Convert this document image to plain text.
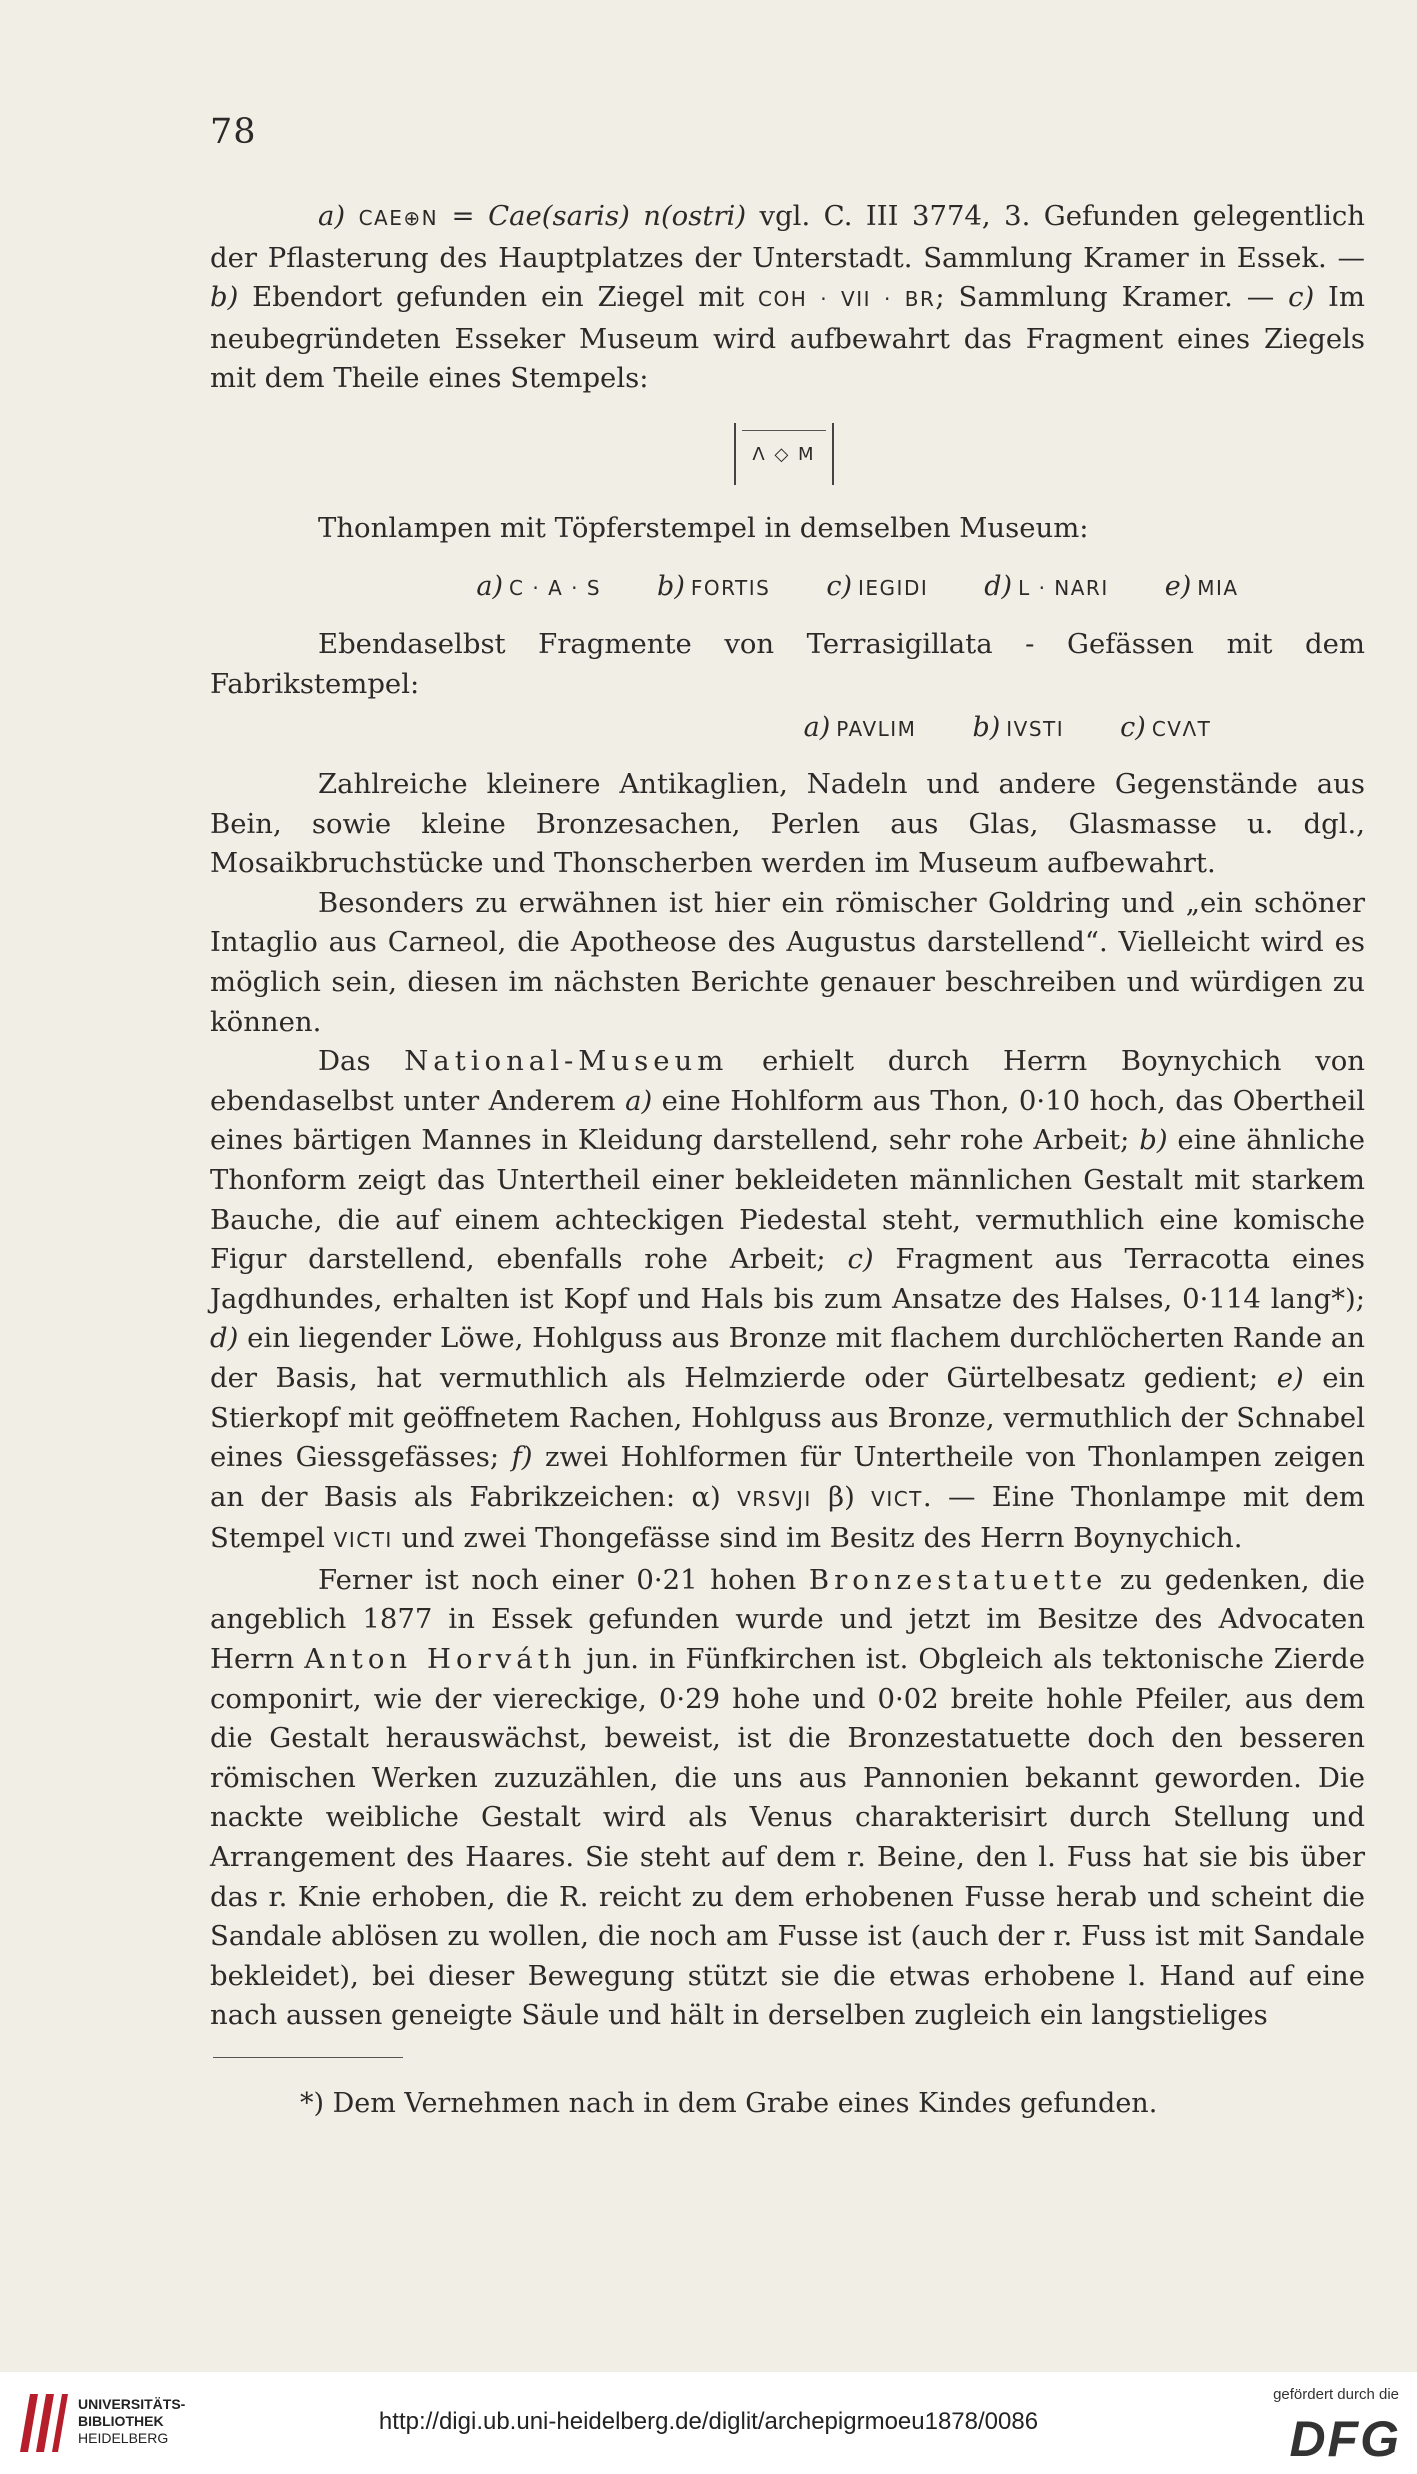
78

a) CAE⊕N = Cae(saris) n(ostri) vgl. C. III 3774, 3. Gefunden gelegentlich der Pflasterung des Hauptplatzes der Unterstadt. Sammlung Kramer in Essek. — b) Ebendort gefunden ein Ziegel mit COH · VII · BR; Sammlung Kramer. — c) Im neubegründeten Esseker Museum wird aufbewahrt das Fragment eines Ziegels mit dem Theile eines Stempels:

Λ ◇ M

Thonlampen mit Töpferstempel in demselben Museum:

a) C · A · S b) FORTIS c) IEGIDI d) L · NARI e) MIA

Ebendaselbst Fragmente von Terrasigillata - Gefässen mit dem Fabrikstempel:

a) PAVLIM b) IVSTI c) CVΛT

Zahlreiche kleinere Antikaglien, Nadeln und andere Gegenstände aus Bein, sowie kleine Bronzesachen, Perlen aus Glas, Glasmasse u. dgl., Mosaikbruchstücke und Thonscherben werden im Museum aufbewahrt.

Besonders zu erwähnen ist hier ein römischer Goldring und „ein schöner Intaglio aus Carneol, die Apotheose des Augustus darstellend“. Vielleicht wird es möglich sein, diesen im nächsten Berichte genauer beschreiben und würdigen zu können.

Das National-Museum erhielt durch Herrn Boynychich von ebendaselbst unter Anderem a) eine Hohlform aus Thon, 0·10 hoch, das Obertheil eines bärtigen Mannes in Kleidung darstellend, sehr rohe Arbeit; b) eine ähnliche Thonform zeigt das Untertheil einer bekleideten männlichen Gestalt mit starkem Bauche, die auf einem achteckigen Piedestal steht, vermuthlich eine komische Figur darstellend, ebenfalls rohe Arbeit; c) Fragment aus Terracotta eines Jagdhundes, erhalten ist Kopf und Hals bis zum Ansatze des Halses, 0·114 lang*); d) ein liegender Löwe, Hohlguss aus Bronze mit flachem durchlöcherten Rande an der Basis, hat vermuthlich als Helmzierde oder Gürtelbesatz gedient; e) ein Stierkopf mit geöffnetem Rachen, Hohlguss aus Bronze, vermuthlich der Schnabel eines Giessgefässes; f) zwei Hohlformen für Untertheile von Thonlampen zeigen an der Basis als Fabrikzeichen: α) VRSVJI β) VICT. — Eine Thonlampe mit dem Stempel VICTI und zwei Thongefässe sind im Besitz des Herrn Boynychich.

Ferner ist noch einer 0·21 hohen Bronzestatuette zu gedenken, die angeblich 1877 in Essek gefunden wurde und jetzt im Besitze des Advocaten Herrn Anton Horváth jun. in Fünfkirchen ist. Obgleich als tektonische Zierde componirt, wie der viereckige, 0·29 hohe und 0·02 breite hohle Pfeiler, aus dem die Gestalt herauswächst, beweist, ist die Bronzestatuette doch den besseren römischen Werken zuzuzählen, die uns aus Pannonien bekannt geworden. Die nackte weibliche Gestalt wird als Venus charakterisirt durch Stellung und Arrangement des Haares. Sie steht auf dem r. Beine, den l. Fuss hat sie bis über das r. Knie erhoben, die R. reicht zu dem erhobenen Fusse herab und scheint die Sandale ablösen zu wollen, die noch am Fusse ist (auch der r. Fuss ist mit Sandale bekleidet), bei dieser Bewegung stützt sie die etwas erhobene l. Hand auf eine nach aussen geneigte Säule und hält in derselben zugleich ein langstieliges

*) Dem Vernehmen nach in dem Grabe eines Kindes gefunden.
UNIVERSITÄTS-
BIBLIOTHEK
HEIDELBERG
http://digi.ub.uni-heidelberg.de/diglit/archepigrmoeu1878/0086
gefördert durch die
DFG
